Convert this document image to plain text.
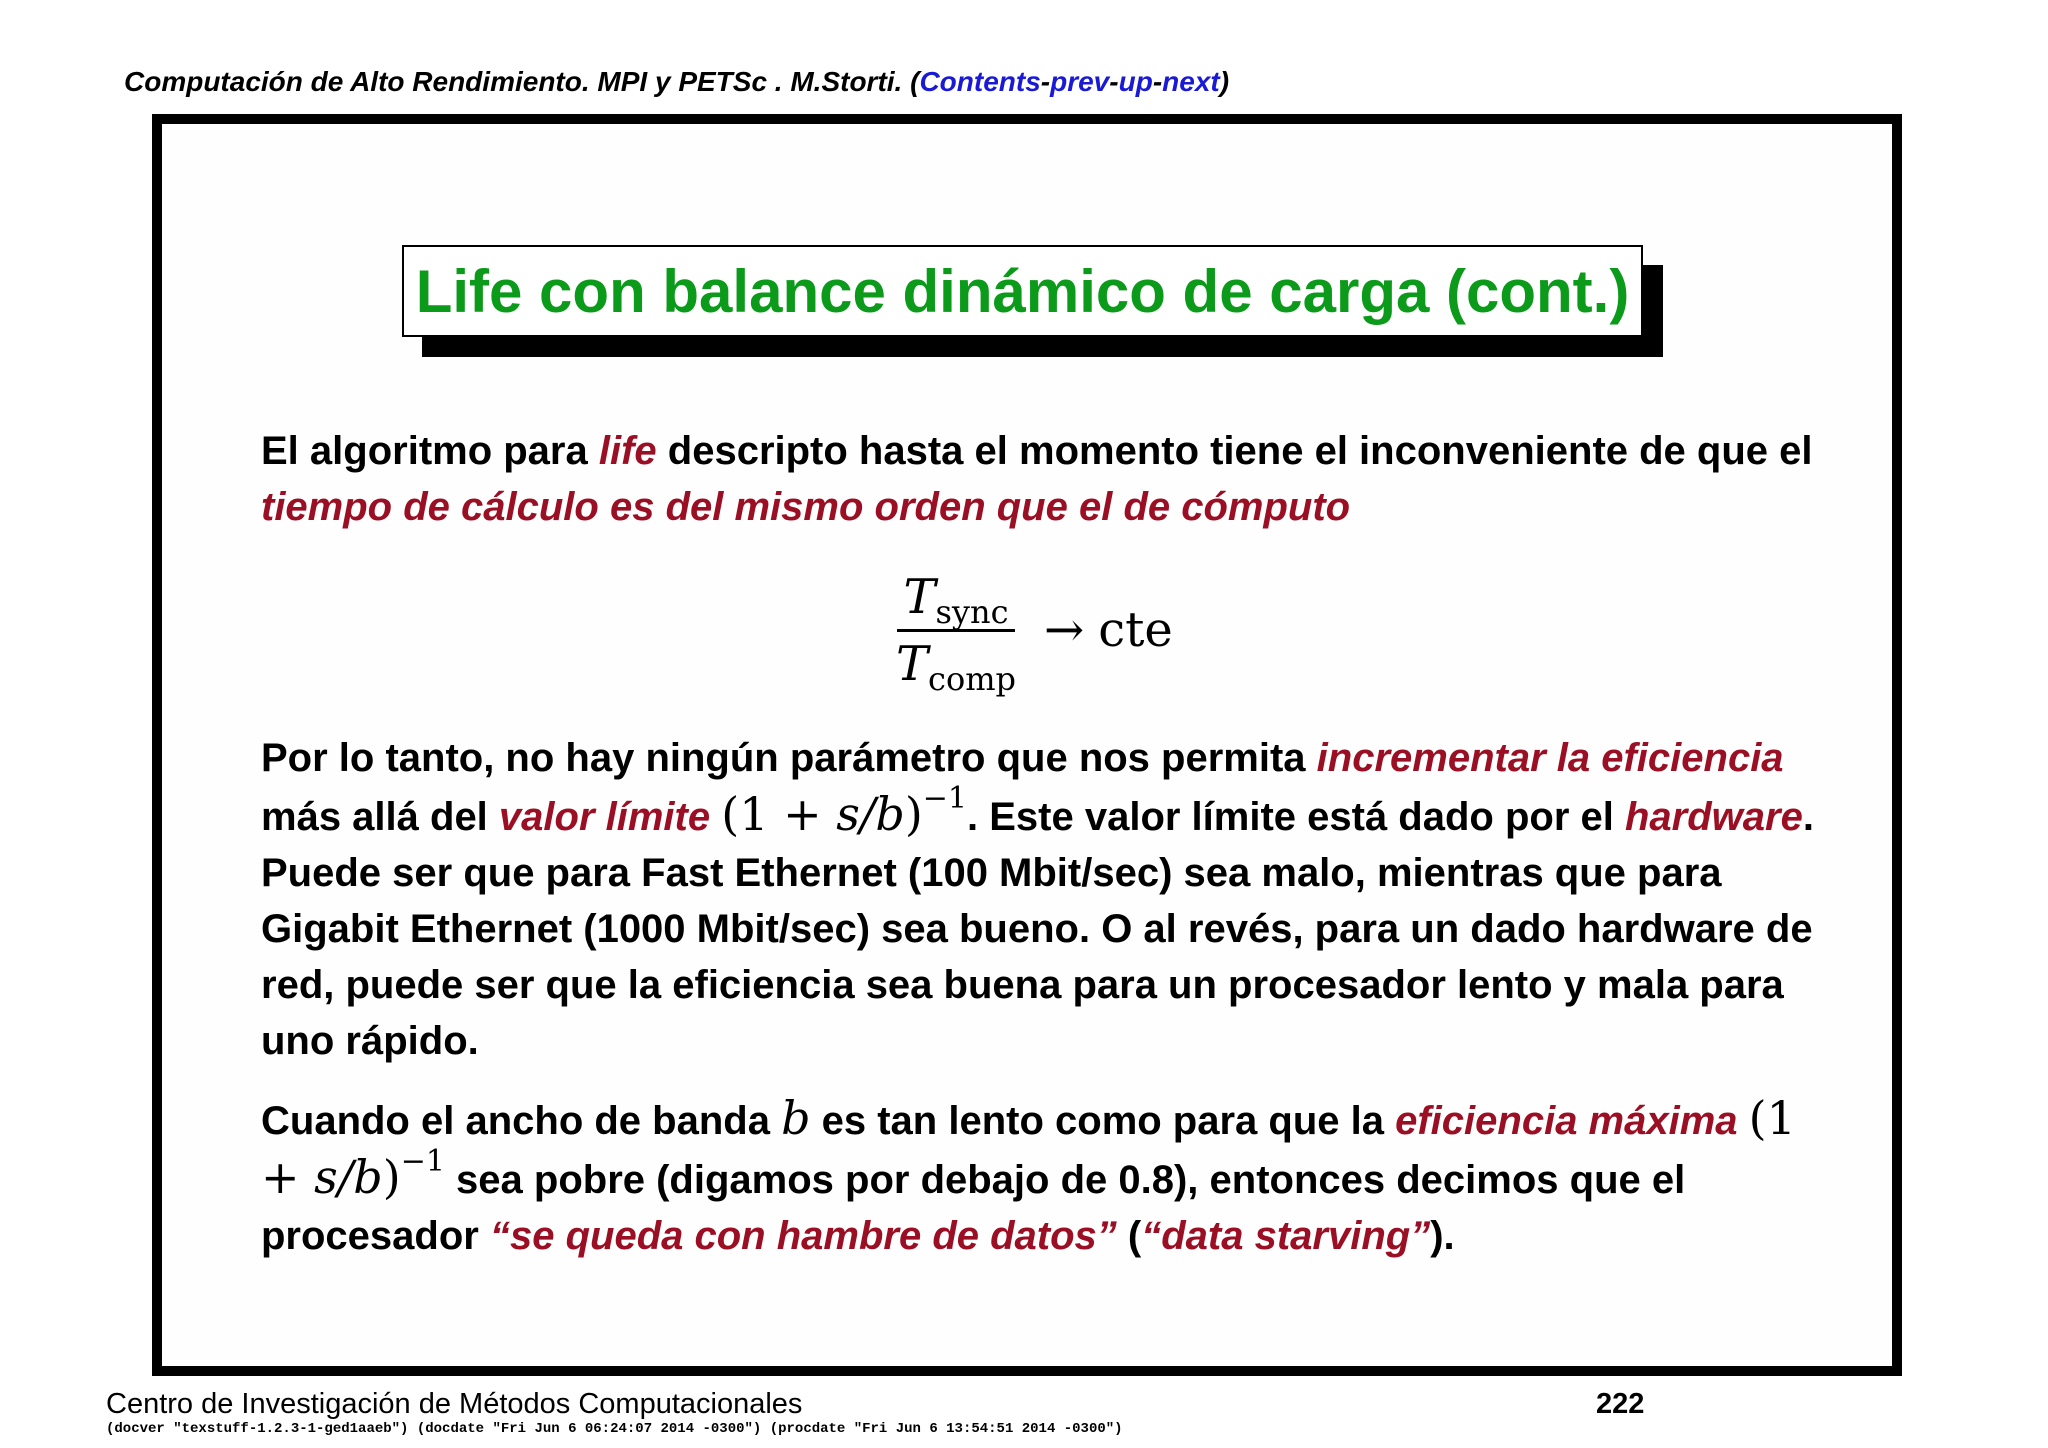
Computación de Alto Rendimiento. MPI y PETSc . M.Storti. (Contents-prev-up-next)
Life con balance dinámico de carga (cont.)
El algoritmo para life descripto hasta el momento tiene el inconveniente de que el tiempo de cálculo es del mismo orden que el de cómputo
$\frac{T_{sync}}{T_{comp}}$ → cte
Por lo tanto, no hay ningún parámetro que nos permita incrementar la eficiencia más allá del valor límite $(1 + s/b)^{-1}$. Este valor límite está dado por el hardware. Puede ser que para Fast Ethernet (100 Mbit/sec) sea malo, mientras que para Gigabit Ethernet (1000 Mbit/sec) sea bueno. O al revés, para un dado hardware de red, puede ser que la eficiencia sea buena para un procesador lento y mala para uno rápido.
Cuando el ancho de banda b es tan lento como para que la eficiencia máxima $(1 + s/b)^{-1}$ sea pobre (digamos por debajo de 0.8), entonces decimos que el procesador “se queda con hambre de datos” (“data starving”).
Centro de Investigación de Métodos Computacionales	222
(docver "texstuff-1.2.3-1-ged1aaeb") (docdate "Fri Jun 6 06:24:07 2014 -0300") (procdate "Fri Jun 6 13:54:51 2014 -0300")
